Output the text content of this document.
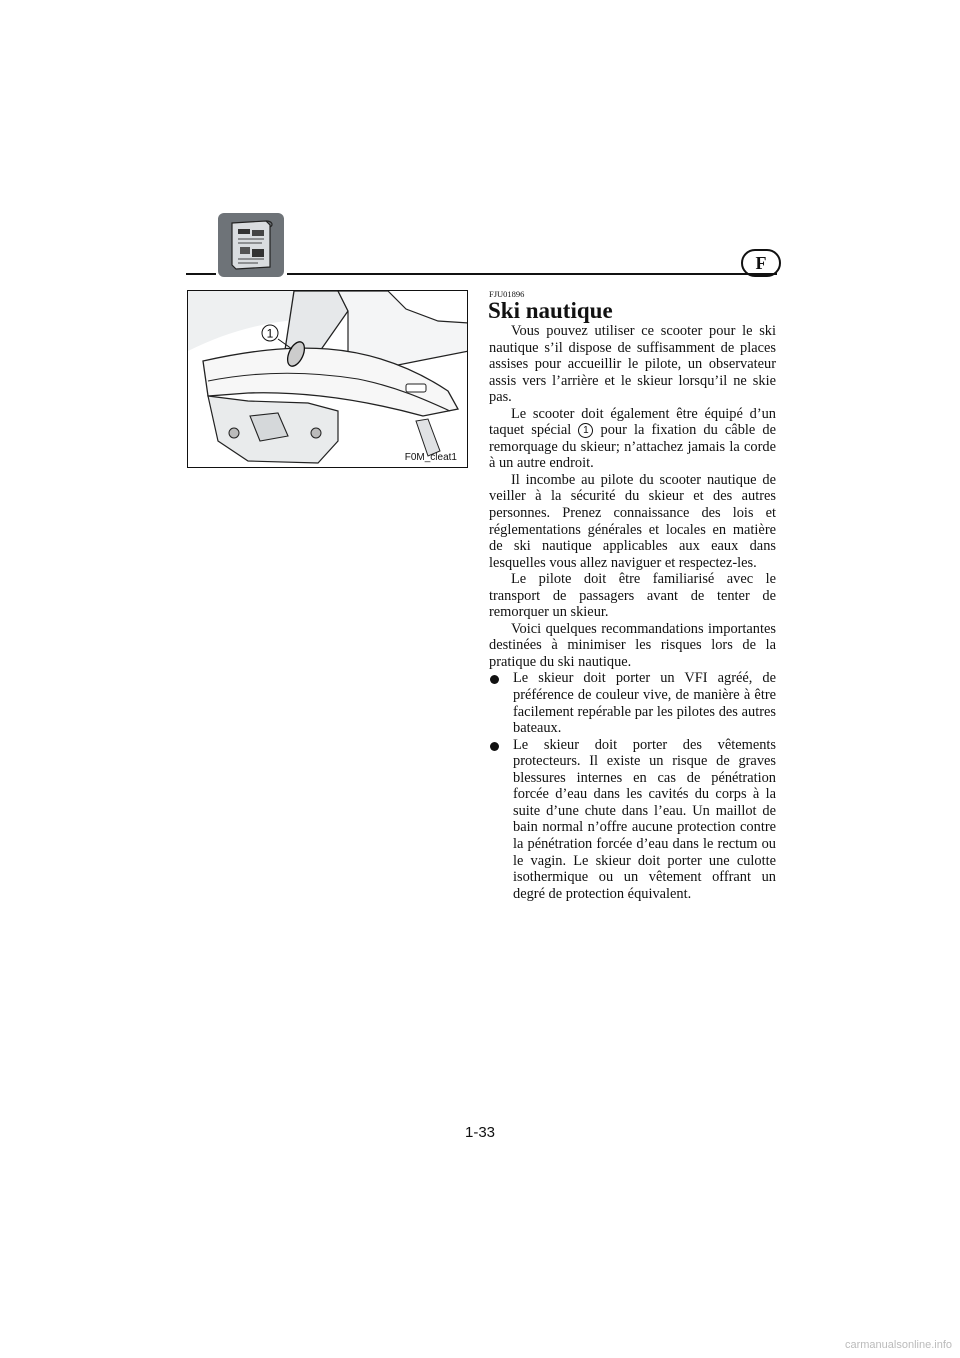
F
1
F0M_cleat1
FJU01896
Ski nautique

Vous pouvez utiliser ce scooter pour le ski nautique s’il dispose de suffisamment de places assises pour accueillir le pilote, un observateur assis vers l’arrière et le skieur lorsqu’il ne skie pas.

Le scooter doit également être équipé d’un taquet spécial 1 pour la fixation du câble de remorquage du skieur; n’attachez jamais la corde à un autre endroit.

Il incombe au pilote du scooter nautique de veiller à la sécurité du skieur et des autres personnes. Prenez connaissance des lois et réglementations générales et locales en matière de ski nautique applicables aux eaux dans lesquelles vous allez naviguer et respectez-les.

Le pilote doit être familiarisé avec le transport de passagers avant de tenter de remorquer un skieur.

Voici quelques recommandations importantes destinées à minimiser les risques lors de la pratique du ski nautique.

Le skieur doit porter un VFI agréé, de préférence de couleur vive, de manière à être facilement repérable par les pilotes des autres bateaux.
Le skieur doit porter des vêtements protecteurs. Il existe un risque de graves blessures internes en cas de pénétration forcée d’eau dans les cavités du corps à la suite d’une chute dans l’eau. Un maillot de bain normal n’offre aucune protection contre la pénétration forcée d’eau dans le rectum ou le vagin. Le skieur doit porter une culotte isothermique ou un vêtement offrant un degré de protection équivalent.
1-33
carmanualsonline.info
